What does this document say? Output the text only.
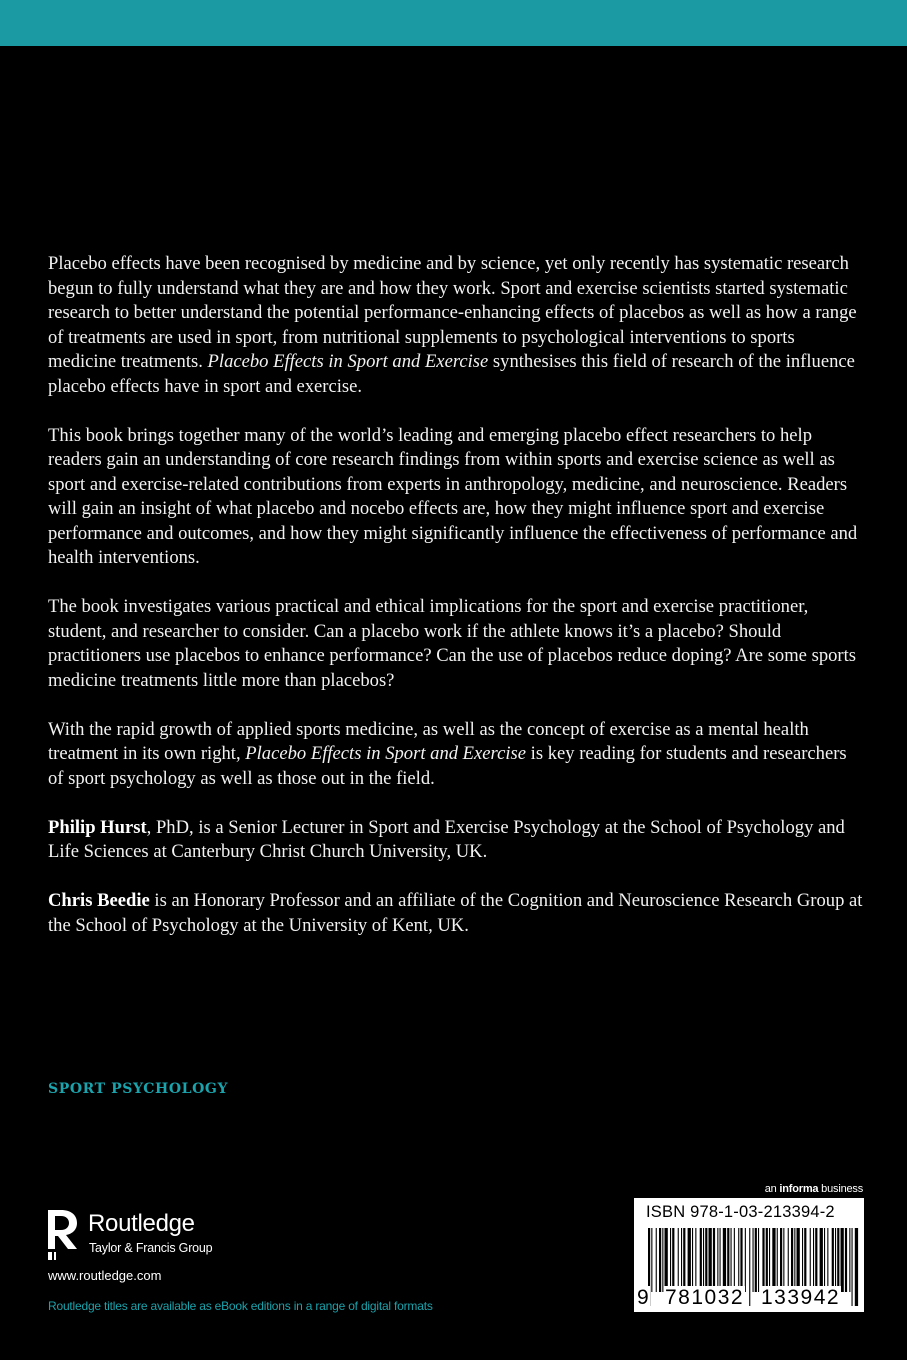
Placebo effects have been recognised by medicine and by science, yet only recently has systematic research begun to fully understand what they are and how they work. Sport and exercise scientists started systematic research to better understand the potential performance-enhancing effects of placebos as well as how a range of treatments are used in sport, from nutritional supplements to psychological interventions to sports medicine treatments. Placebo Effects in Sport and Exercise synthesises this field of research of the influence placebo effects have in sport and exercise.

This book brings together many of the world’s leading and emerging placebo effect researchers to help readers gain an understanding of core research findings from within sports and exercise science as well as sport and exercise-related contributions from experts in anthropology, medicine, and neuroscience. Readers will gain an insight of what placebo and nocebo effects are, how they might influence sport and exercise performance and outcomes, and how they might significantly influence the effectiveness of performance and health interventions.

The book investigates various practical and ethical implications for the sport and exercise practitioner, student, and researcher to consider. Can a placebo work if the athlete knows it’s a placebo? Should practitioners use placebos to enhance performance? Can the use of placebos reduce doping? Are some sports medicine treatments little more than placebos?

With the rapid growth of applied sports medicine, as well as the concept of exercise as a mental health treatment in its own right, Placebo Effects in Sport and Exercise is key reading for students and researchers of sport psychology as well as those out in the field.

Philip Hurst, PhD, is a Senior Lecturer in Sport and Exercise Psychology at the School of Psychology and Life Sciences at Canterbury Christ Church University, UK.

Chris Beedie is an Honorary Professor and an affiliate of the Cognition and Neuroscience Research Group at the School of Psychology at the University of Kent, UK.

SPORT PSYCHOLOGY
Routledge
Taylor & Francis Group
www.routledge.com
Routledge titles are available as eBook editions in a range of digital formats
an informa business
ISBN 978-1-03-213394-2
9 781032 133942
